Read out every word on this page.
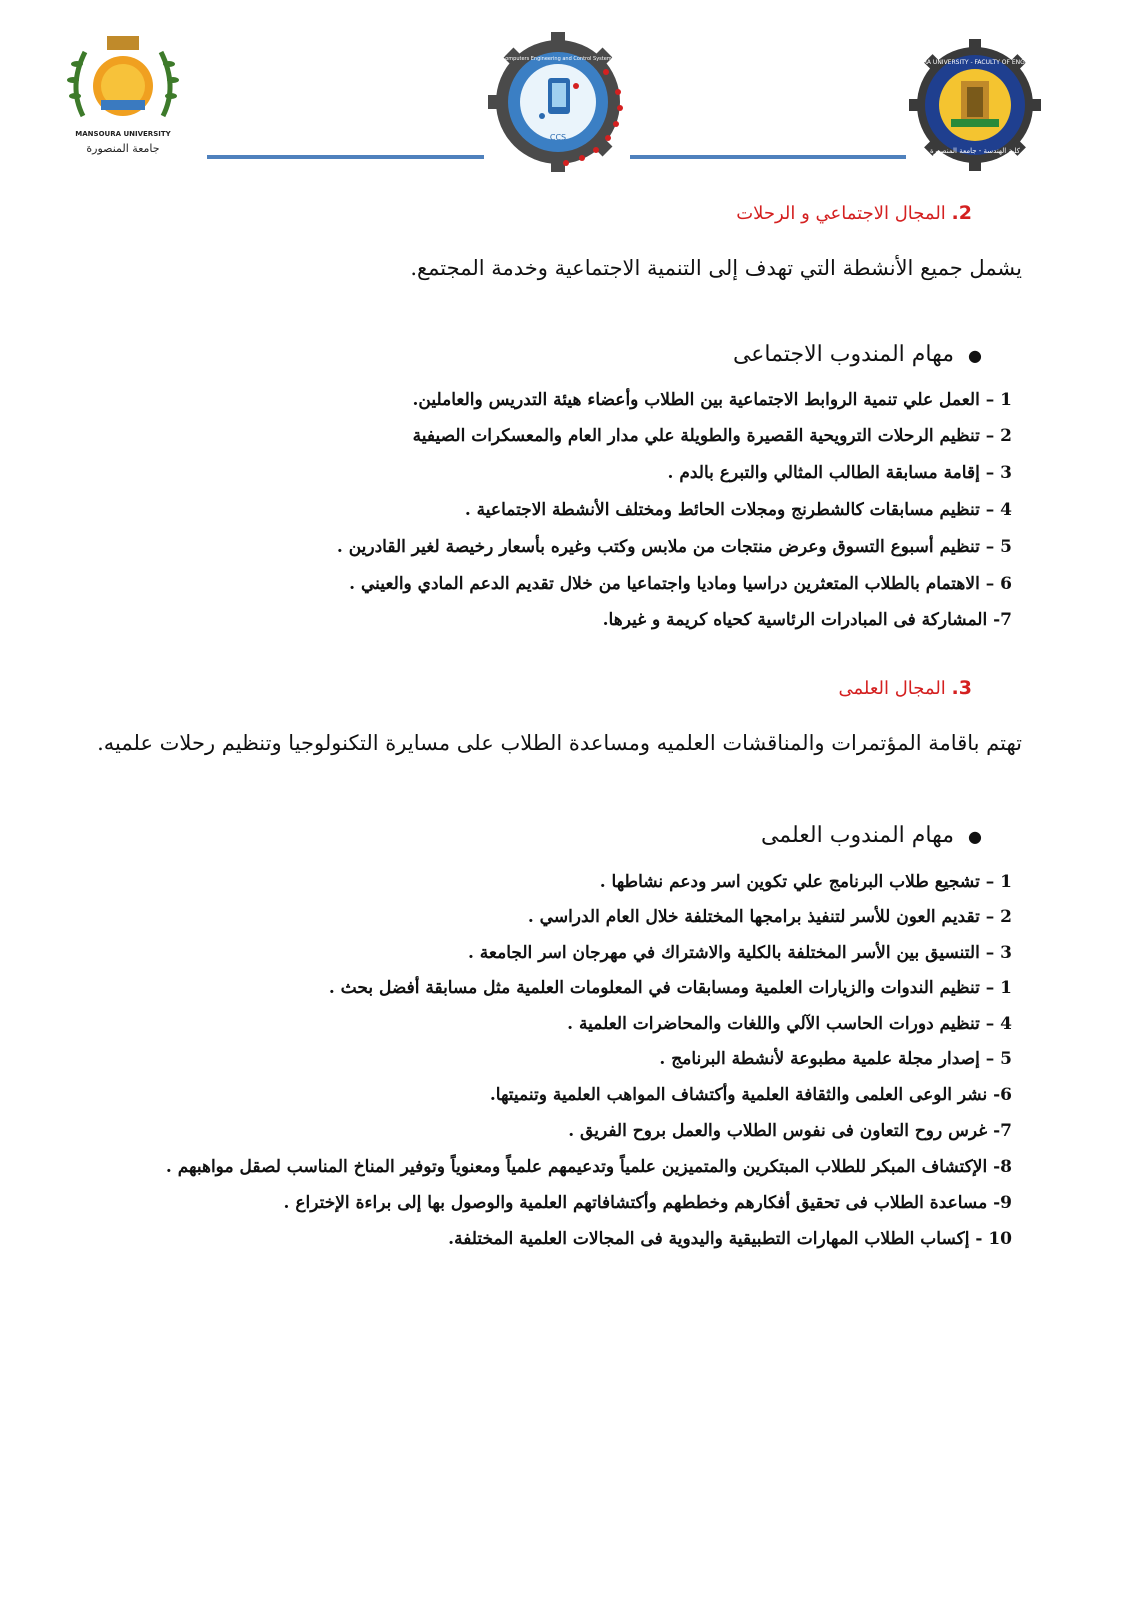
MANSOURA UNIVERSITY - FACULTY OF ENGINEERING
كلية الهندسة - جامعة المنصورة
CCS
Computers Engineering and Control Systems
MANSOURA UNIVERSITY
جامعة المنصورة
2. المجال الاجتماعي و الرحلات
يشمل جميع الأنشطة التي تهدف إلى التنمية الاجتماعية وخدمة المجتمع.
●مهام المندوب الاجتماعى
1 – العمل علي تنمية الروابط الاجتماعية بين الطلاب وأعضاء هيئة التدريس والعاملين.
2 – تنظيم الرحلات الترويحية القصيرة والطويلة علي مدار العام والمعسكرات الصيفية
3 – إقامة مسابقة الطالب المثالي والتبرع بالدم .
4 – تنظيم مسابقات كالشطرنج ومجلات الحائط ومختلف الأنشطة الاجتماعية .
5 – تنظيم أسبوع التسوق وعرض منتجات من ملابس وكتب وغيره بأسعار رخيصة لغير القادرين .
6 – الاهتمام بالطلاب المتعثرين دراسيا وماديا واجتماعيا من خلال تقديم الدعم المادي والعيني .
7- المشاركة فى المبادرات الرئاسية كحياه كريمة و غيرها.
3. المجال العلمى
تهتم باقامة المؤتمرات والمناقشات العلميه ومساعدة الطلاب على مسايرة التكنولوجيا وتنظيم رحلات علميه.
●مهام المندوب العلمى
1 – تشجيع طلاب البرنامج علي تكوين اسر ودعم نشاطها .
2 – تقديم العون للأسر لتنفيذ برامجها المختلفة خلال العام الدراسي .
3 – التنسيق بين الأسر المختلفة بالكلية والاشتراك في مهرجان اسر الجامعة .
1 – تنظيم الندوات والزيارات العلمية ومسابقات في المعلومات العلمية مثل مسابقة أفضل بحث .
4 – تنظيم دورات الحاسب الآلي واللغات والمحاضرات العلمية .
5 – إصدار مجلة علمية مطبوعة لأنشطة البرنامج .
6- نشر الوعى العلمى والثقافة العلمية وأكتشاف المواهب العلمية وتنميتها.
7- غرس روح التعاون فى نفوس الطلاب والعمل بروح الفريق .
8- الإكتشاف المبكر للطلاب المبتكرين والمتميزين علمياً وتدعيمهم علمياً ومعنوياً وتوفير المناخ المناسب لصقل مواهبهم .
9- مساعدة الطلاب فى تحقيق أفكارهم وخططهم وأكتشافاتهم العلمية والوصول بها إلى براءة الإختراع .
10 - إكساب الطلاب المهارات التطبيقية واليدوية فى المجالات العلمية المختلفة.
